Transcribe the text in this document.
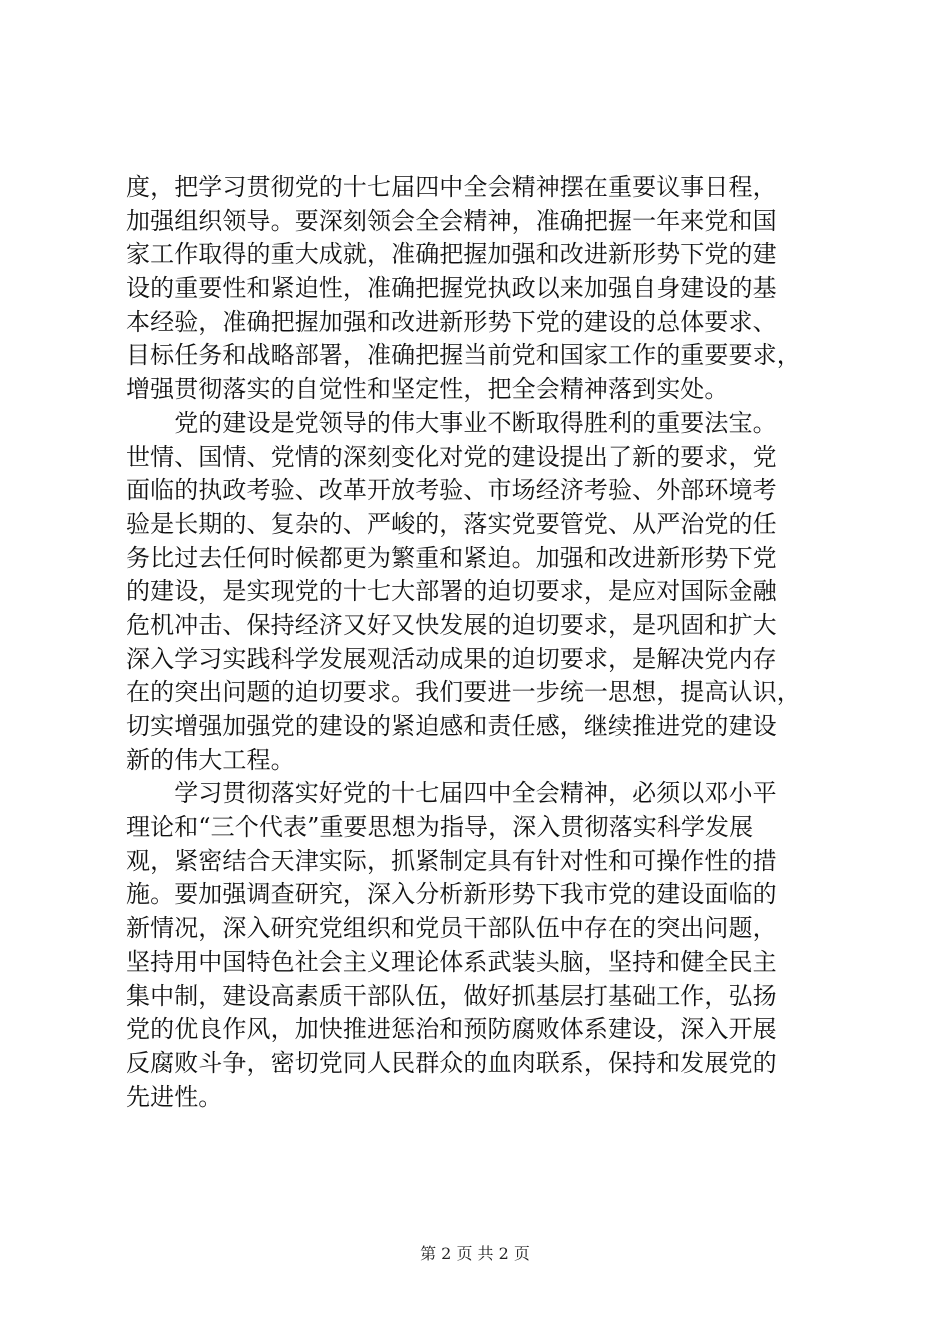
度，把学习贯彻党的十七届四中全会精神摆在重要议事日程，
加强组织领导。要深刻领会全会精神，准确把握一年来党和国
家工作取得的重大成就，准确把握加强和改进新形势下党的建
设的重要性和紧迫性，准确把握党执政以来加强自身建设的基
本经验，准确把握加强和改进新形势下党的建设的总体要求、
目标任务和战略部署，准确把握当前党和国家工作的重要要求，
增强贯彻落实的自觉性和坚定性，把全会精神落到实处。
　　党的建设是党领导的伟大事业不断取得胜利的重要法宝。
世情、国情、党情的深刻变化对党的建设提出了新的要求，党
面临的执政考验、改革开放考验、市场经济考验、外部环境考
验是长期的、复杂的、严峻的，落实党要管党、从严治党的任
务比过去任何时候都更为繁重和紧迫。加强和改进新形势下党
的建设，是实现党的十七大部署的迫切要求，是应对国际金融
危机冲击、保持经济又好又快发展的迫切要求，是巩固和扩大
深入学习实践科学发展观活动成果的迫切要求，是解决党内存
在的突出问题的迫切要求。我们要进一步统一思想，提高认识，
切实增强加强党的建设的紧迫感和责任感，继续推进党的建设
新的伟大工程。
　　学习贯彻落实好党的十七届四中全会精神，必须以邓小平
理论和“三个代表”重要思想为指导，深入贯彻落实科学发展
观，紧密结合天津实际，抓紧制定具有针对性和可操作性的措
施。要加强调查研究，深入分析新形势下我市党的建设面临的
新情况，深入研究党组织和党员干部队伍中存在的突出问题，
坚持用中国特色社会主义理论体系武装头脑，坚持和健全民主
集中制，建设高素质干部队伍，做好抓基层打基础工作，弘扬
党的优良作风，加快推进惩治和预防腐败体系建设，深入开展
反腐败斗争，密切党同人民群众的血肉联系，保持和发展党的
先进性。
第 2 页 共 2 页
